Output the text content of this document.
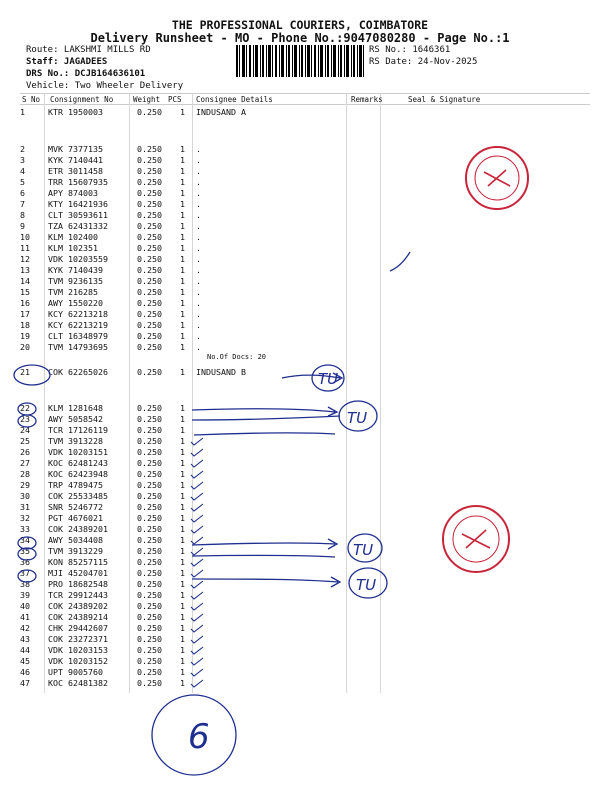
THE PROFESSIONAL COURIERS, COIMBATORE
Delivery Runsheet - MO - Phone No.:9047080280 - Page No.:1
Route: LAKSHMI MILLS RD
Staff: JAGADEES
DRS No.: DCJB164636101
Vehicle: Two Wheeler Delivery
RS No.: 1646361
RS Date: 24-Nov-2025
S No Consignment No	Weight PCS Consignee Details	Remarks	Seal & Signature
1	KTR 1950003	0.250 1 INDUSAND A
2	MVK 7377135	0.250 1 .
3	KYK 7140441	0.250 1 .
4	ETR 3011458	0.250 1 .
5	TRR 15607935	0.250 1 .
6	APY 874003	0.250 1 .
7	KTY 16421936	0.250 1 .
8	CLT 30593611	0.250 1 .
9	TZA 62431332	0.250 1 .
10 KLM 102400	0.250 1 .
11 KLM 102351	0.250 1 .
12 VDK 10203559	0.250 1 .
13 KYK 7140439	0.250 1 .
14 TVM 9236135	0.250 1 .
15 TVM 216285	0.250 1 .
16 AWY 1550220	0.250 1 .
17 KCY 62213218	0.250 1 .
18 KCY 62213219	0.250 1 .
19 CLT 16348979	0.250 1 .
20 TVM 14793695	0.250 1 .
21 COK 62265026	0.250 1 INDUSAND B
22 KLM 1281648	0.250 1
23 AWY 5058542	0.250 1
24 TCR 17126119	0.250 1
25 TVM 3913228	0.250 1
26 VDK 10203151	0.250 1
27 KOC 62481243	0.250 1
28 KOC 62423948	0.250 1
29 TRP 4789475	0.250 1
30 COK 25533485	0.250 1
31 SNR 5246772	0.250 1
32 PGT 4676021	0.250 1
33 COK 24389201	0.250 1
34 AWY 5034408	0.250 1
35 TVM 3913229	0.250 1
36 KON 85257115	0.250 1
37 MJI 45204701	0.250 1
38 PRO 18682548	0.250 1
39 TCR 29912443	0.250 1
40 COK 24389202	0.250 1
41 COK 24389214	0.250 1
42 CHK 29442607	0.250 1
43 COK 23272371	0.250 1
44 VDK 10203153	0.250 1
45 VDK 10203152	0.250 1
46 UPT 9005760	0.250 1
47 KOC 62481382	0.250 1
No.Of Docs: 20
TU
TU
TU
TU
6
